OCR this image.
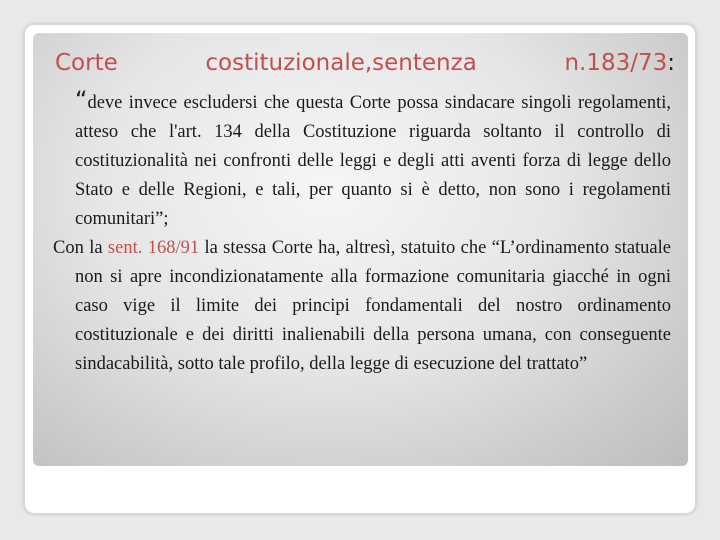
Corte	costituzionale,sentenza	n.183/73:

“deve invece escludersi che questa Corte possa sindacare singoli regolamenti, atteso che l'art. 134 della Costituzione riguarda soltanto il controllo di costituzionalità nei confronti delle leggi e degli atti aventi forza di legge dello Stato e delle Regioni, e tali, per quanto si è detto, non sono i regolamenti comunitari”;

Con la sent. 168/91 la stessa Corte ha, altresì, statuito che “L’ordinamento statuale non si apre incondizionatamente alla formazione comunitaria giacché in ogni caso vige il limite dei principi fondamentali del nostro ordinamento costituzionale e dei diritti inalienabili della persona umana, con conseguente sindacabilità, sotto tale profilo, della legge di esecuzione del trattato”
